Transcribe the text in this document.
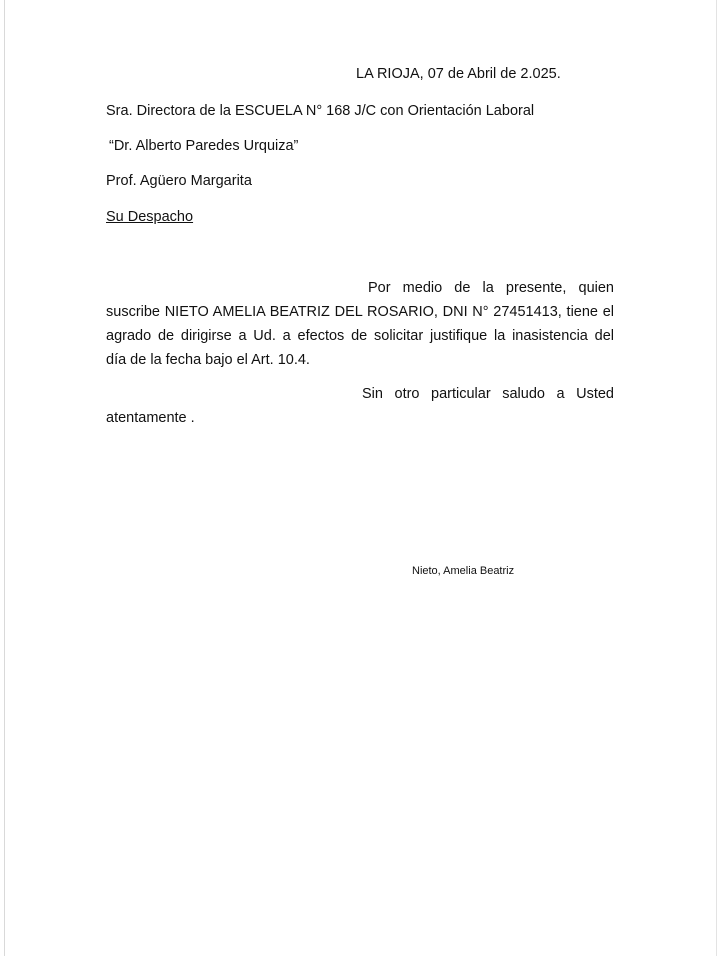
LA RIOJA, 07 de Abril de 2.025.
Sra. Directora de la ESCUELA N° 168 J/C con Orientación Laboral
“Dr. Alberto Paredes Urquiza”
Prof. Agüero Margarita
Su Despacho
Por medio de la presente, quien
suscribe NIETO AMELIA BEATRIZ DEL ROSARIO, DNI N° 27451413, tiene el
agrado de dirigirse a Ud. a efectos de solicitar justifique la inasistencia del
día de la fecha bajo el Art. 10.4.
Sin otro particular saludo a Usted
atentamente .
Nieto, Amelia Beatriz
